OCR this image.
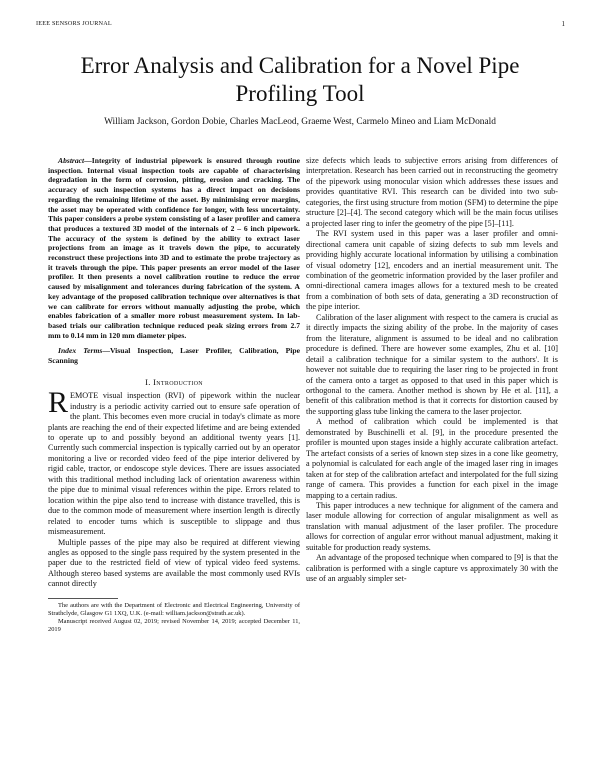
IEEE SENSORS JOURNAL	1
Error Analysis and Calibration for a Novel Pipe Profiling Tool
William Jackson, Gordon Dobie, Charles MacLeod, Graeme West, Carmelo Mineo and Liam McDonald

Abstract—Integrity of industrial pipework is ensured through routine inspection. Internal visual inspection tools are capable of characterising degradation in the form of corrosion, pitting, erosion and cracking. The accuracy of such inspection systems has a direct impact on decisions regarding the remaining lifetime of the asset. By minimising error margins, the asset may be operated with confidence for longer, with less uncertainty. This paper considers a probe system consisting of a laser profiler and camera that produces a textured 3D model of the internals of 2 – 6 inch pipework. The accuracy of the system is defined by the ability to extract laser projections from an image as it travels down the pipe, to accurately reconstruct these projections into 3D and to estimate the probe trajectory as it travels through the pipe. This paper presents an error model of the laser profiler. It then presents a novel calibration routine to reduce the error caused by misalignment and tolerances during fabrication of the system. A key advantage of the proposed calibration technique over alternatives is that we can calibrate for errors without manually adjusting the probe, which enables fabrication of a smaller more robust measurement system. In lab-based trials our calibration technique reduced peak sizing errors from 2.7 mm to 0.14 mm in 120 mm diameter pipes.

Index Terms—Visual Inspection, Laser Profiler, Calibration, Pipe Scanning

I. Introduction

REMOTE visual inspection (RVI) of pipework within the nuclear industry is a periodic activity carried out to ensure safe operation of the plant. This becomes even more crucial in today's climate as more plants are reaching the end of their expected lifetime and are being extended to operate up to and possibly beyond an additional twenty years [1]. Currently such commercial inspection is typically carried out by an operator monitoring a live or recorded video feed of the pipe interior delivered by rigid cable, tractor, or endoscope style devices. There are issues associated with this traditional method including lack of orientation awareness within the pipe due to minimal visual references within the pipe. Errors related to location within the pipe also tend to increase with distance travelled, this is due to the common mode of measurement where insertion length is directly related to encoder turns which is susceptible to slippage and thus mismeasurement.

Multiple passes of the pipe may also be required at different viewing angles as opposed to the single pass required by the system presented in the paper due to the restricted field of view of typical video feed systems. Although stereo based systems are available the most commonly used RVIs cannot directly

The authors are with the Department of Electronic and Electrical Engineering, University of Strathclyde, Glasgow G1 1XQ, U.K. (e-mail: william.jackson@strath.ac.uk).

Manuscript received August 02, 2019; revised November 14, 2019; accepted December 11, 2019

size defects which leads to subjective errors arising from differences of interpretation. Research has been carried out in reconstructing the geometry of the pipework using monocular vision which addresses these issues and provides quantitative RVI. This research can be divided into two sub-categories, the first using structure from motion (SFM) to determine the pipe structure [2]–[4]. The second category which will be the main focus utilises a projected laser ring to infer the geometry of the pipe [5]–[11].

The RVI system used in this paper was a laser profiler and omni-directional camera unit capable of sizing defects to sub mm levels and providing highly accurate locational information by utilising a combination of visual odometry [12], encoders and an inertial measurement unit. The combination of the geometric information provided by the laser profiler and omni-directional camera images allows for a textured mesh to be created from a combination of both sets of data, generating a 3D reconstruction of the pipe interior.

Calibration of the laser alignment with respect to the camera is crucial as it directly impacts the sizing ability of the probe. In the majority of cases from the literature, alignment is assumed to be ideal and no calibration procedure is defined. There are however some examples, Zhu et al. [10] detail a calibration technique for a similar system to the authors'. It is however not suitable due to requiring the laser ring to be projected in front of the camera onto a target as opposed to that used in this paper which is orthogonal to the camera. Another method is shown by He et al. [11], a benefit of this calibration method is that it corrects for distortion caused by the supporting glass tube linking the camera to the laser projector.

A method of calibration which could be implemented is that demonstrated by Buschinelli et al. [9], in the procedure presented the profiler is mounted upon stages inside a highly accurate calibration artefact. The artefact consists of a series of known step sizes in a cone like geometry, a polynomial is calculated for each angle of the imaged laser ring in images taken at for step of the calibration artefact and interpolated for the full sizing range of camera. This provides a function for each pixel in the image mapping to a certain radius.

This paper introduces a new technique for alignment of the camera and laser module allowing for correction of angular misalignment as well as translation with manual adjustment of the laser profiler. The procedure allows for correction of angular error without manual adjustment, making it suitable for production ready systems.

An advantage of the proposed technique when compared to [9] is that the calibration is performed with a single capture vs approximately 30 with the use of an arguably simpler set-
